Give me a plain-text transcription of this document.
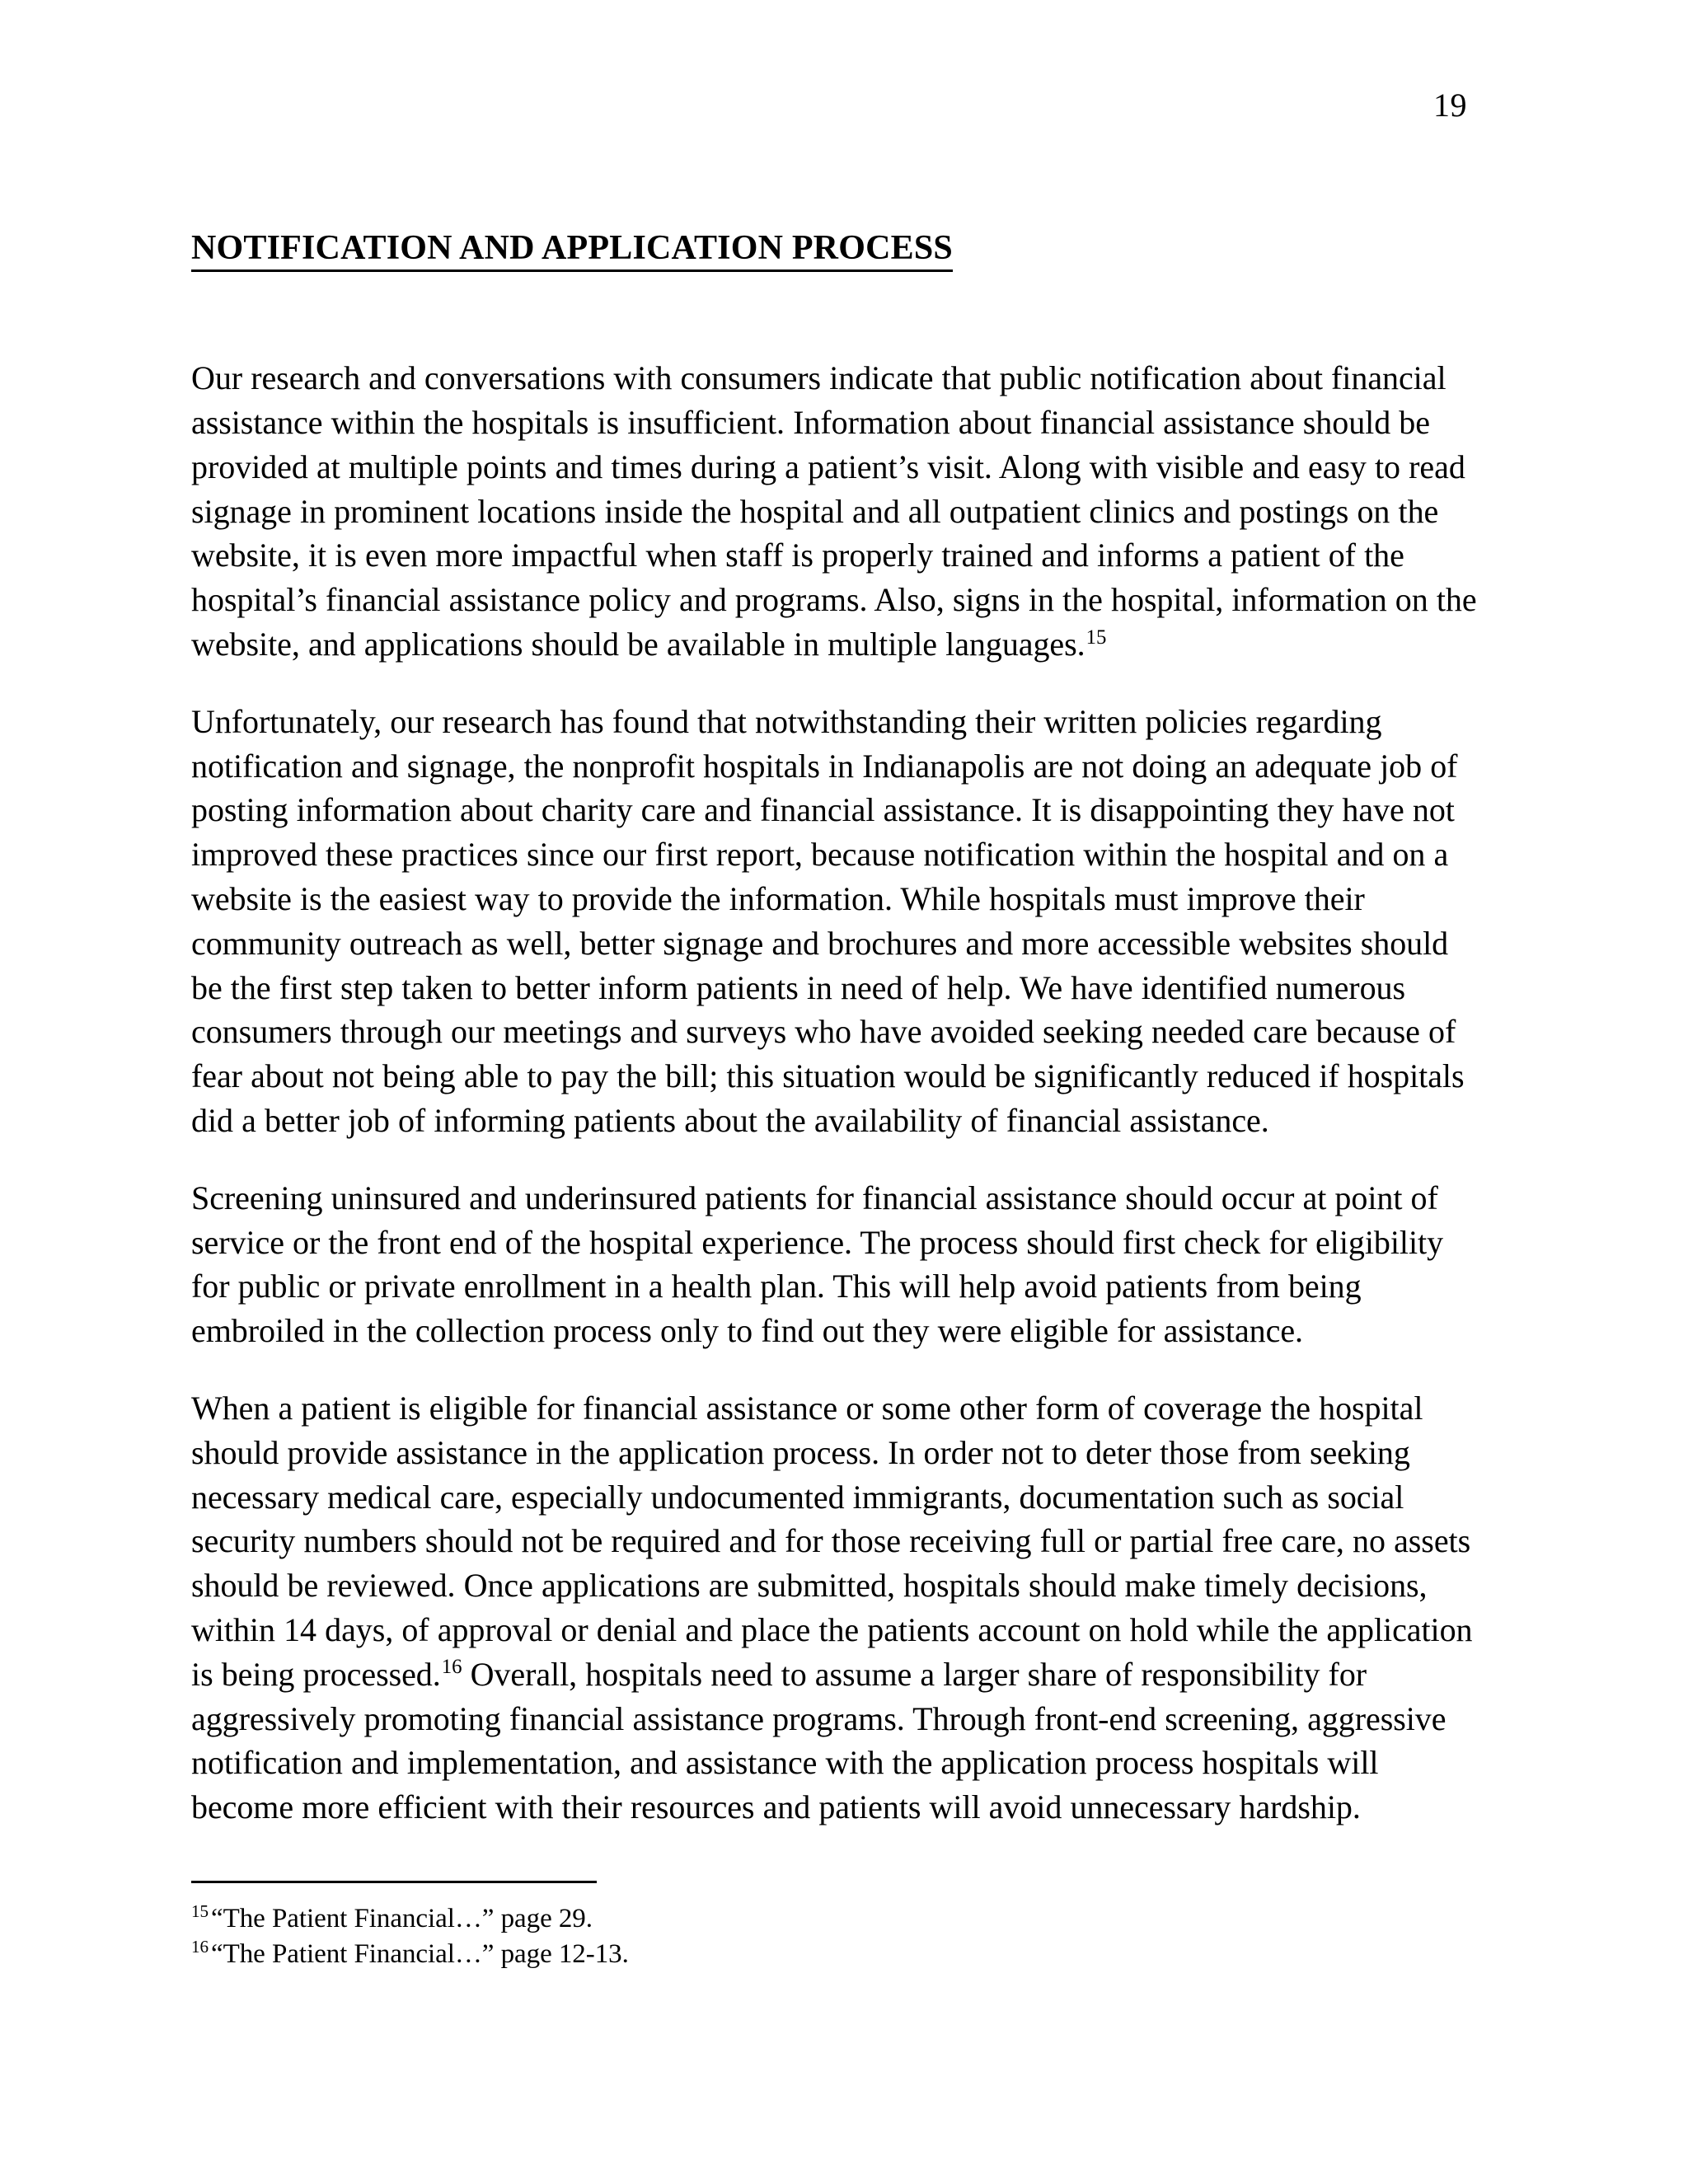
19
NOTIFICATION AND APPLICATION PROCESS

Our research and conversations with consumers indicate that public notification about financial assistance within the hospitals is insufficient. Information about financial assistance should be provided at multiple points and times during a patient’s visit. Along with visible and easy to read signage in prominent locations inside the hospital and all outpatient clinics and postings on the website, it is even more impactful when staff is properly trained and informs a patient of the hospital’s financial assistance policy and programs. Also, signs in the hospital, information on the website, and applications should be available in multiple languages.$^{15}$

Unfortunately, our research has found that notwithstanding their written policies regarding notification and signage, the nonprofit hospitals in Indianapolis are not doing an adequate job of posting information about charity care and financial assistance. It is disappointing they have not improved these practices since our first report, because notification within the hospital and on a website is the easiest way to provide the information. While hospitals must improve their community outreach as well, better signage and brochures and more accessible websites should be the first step taken to better inform patients in need of help. We have identified numerous consumers through our meetings and surveys who have avoided seeking needed care because of fear about not being able to pay the bill; this situation would be significantly reduced if hospitals did a better job of informing patients about the availability of financial assistance.

Screening uninsured and underinsured patients for financial assistance should occur at point of service or the front end of the hospital experience. The process should first check for eligibility for public or private enrollment in a health plan. This will help avoid patients from being embroiled in the collection process only to find out they were eligible for assistance.

When a patient is eligible for financial assistance or some other form of coverage the hospital should provide assistance in the application process. In order not to deter those from seeking necessary medical care, especially undocumented immigrants, documentation such as social security numbers should not be required and for those receiving full or partial free care, no assets should be reviewed. Once applications are submitted, hospitals should make timely decisions, within 14 days, of approval or denial and place the patients account on hold while the application is being processed.$^{16}$ Overall, hospitals need to assume a larger share of responsibility for aggressively promoting financial assistance programs. Through front-end screening, aggressive notification and implementation, and assistance with the application process hospitals will become more efficient with their resources and patients will avoid unnecessary hardship.

$^{15}$“The Patient Financial…” page 29.

$^{16}$“The Patient Financial…” page 12-13.
